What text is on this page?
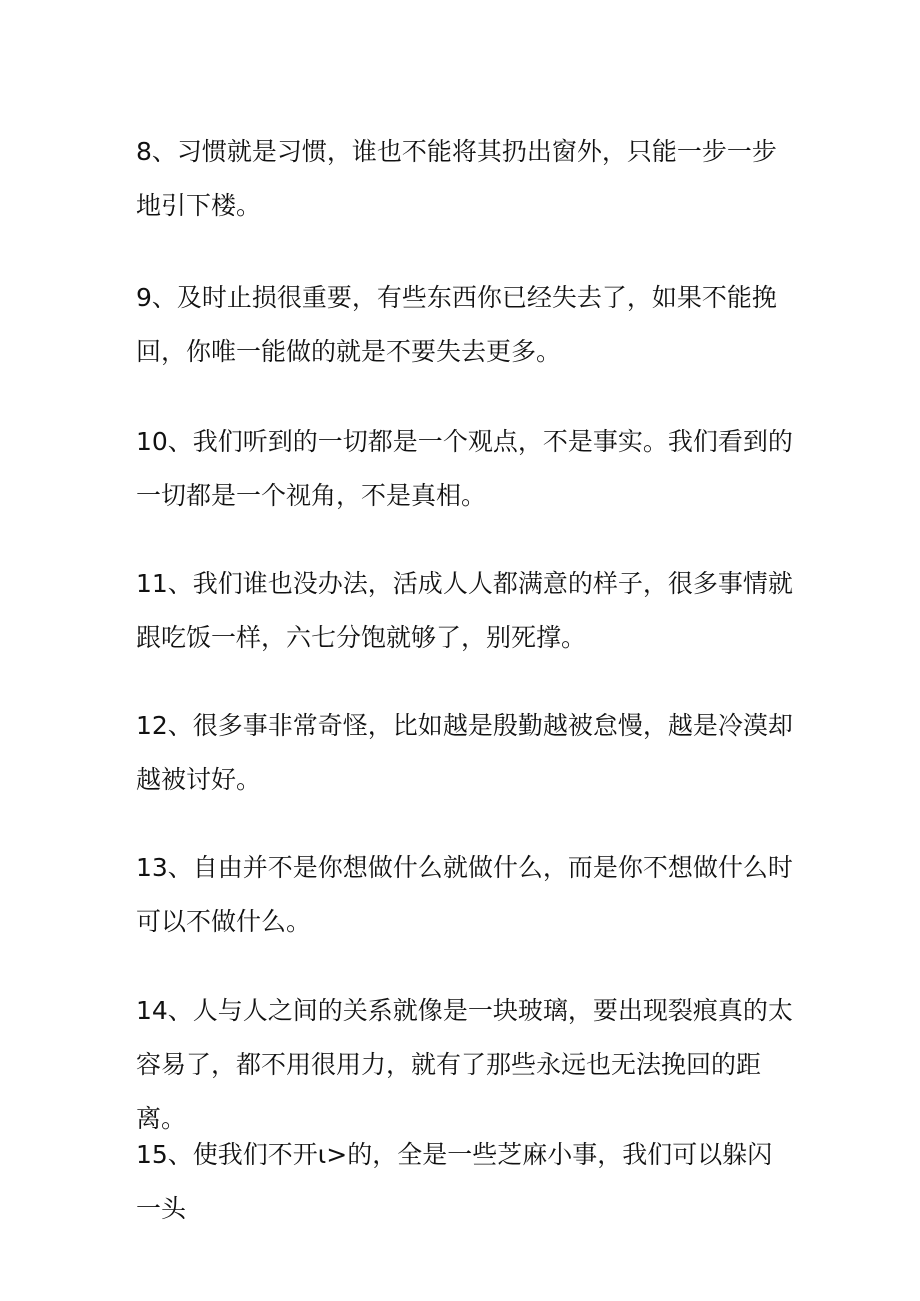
8、习惯就是习惯，谁也不能将其扔出窗外，只能一步一步地引下楼。
9、及时止损很重要，有些东西你已经失去了，如果不能挽回，你唯一能做的就是不要失去更多。
10、我们听到的一切都是一个观点，不是事实。我们看到的一切都是一个视角，不是真相。
11、我们谁也没办法，活成人人都满意的样子，很多事情就跟吃饭一样，六七分饱就够了，别死撑。
12、很多事非常奇怪，比如越是殷勤越被怠慢，越是冷漠却越被讨好。
13、自由并不是你想做什么就做什么，而是你不想做什么时可以不做什么。
14、人与人之间的关系就像是一块玻璃，要出现裂痕真的太容易了，都不用很用力，就有了那些永远也无法挽回的距离。
15、使我们不开ι>的，全是一些芝麻小事，我们可以躲闪一头
